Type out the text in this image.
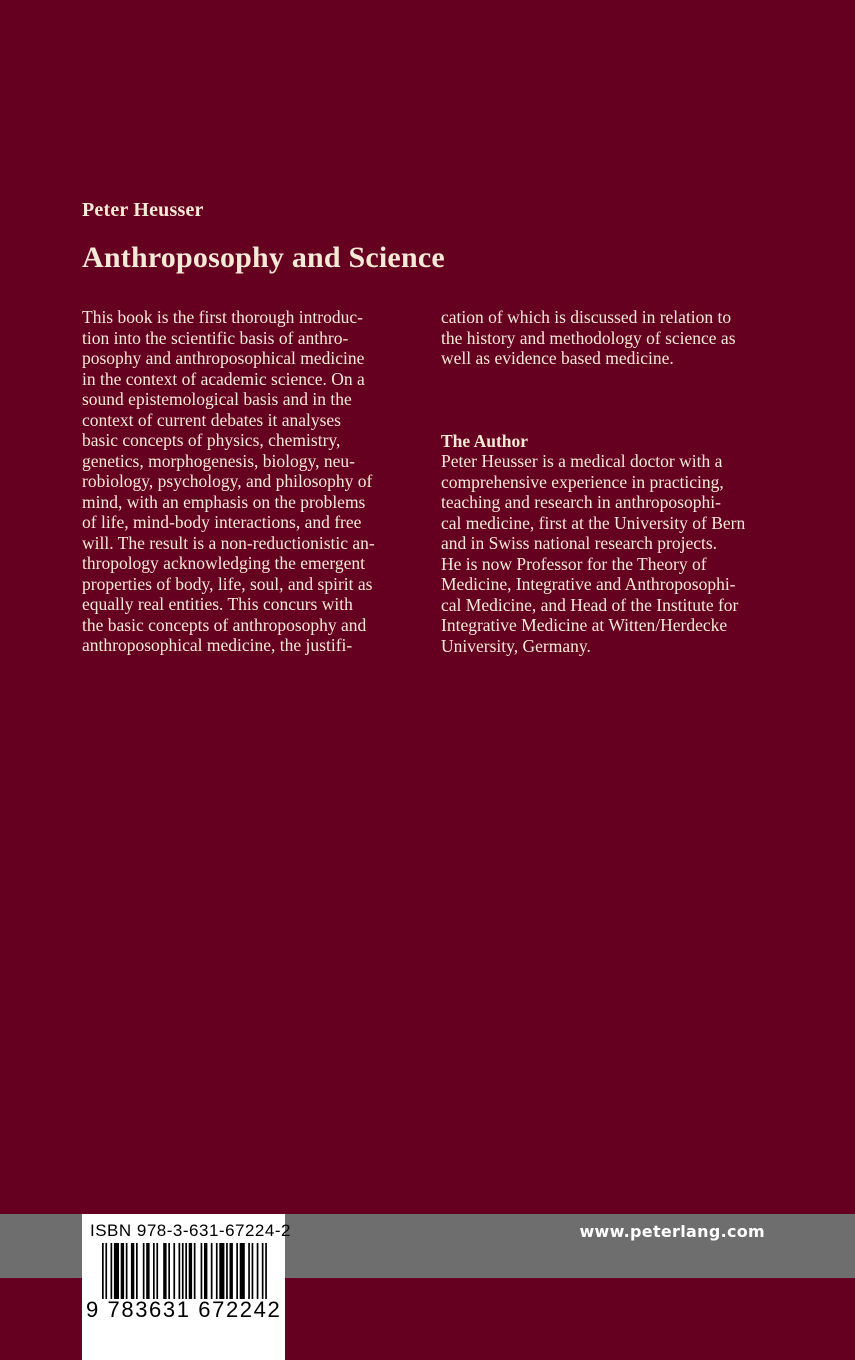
Peter Heusser
Anthroposophy and Science
This book is the first thorough introduc-
tion into the scientific basis of anthro-
posophy and anthroposophical medicine
in the context of academic science. On a
sound epistemological basis and in the
context of current debates it analyses
basic concepts of physics, chemistry,
genetics, morphogenesis, biology, neu-
robiology, psychology, and philosophy of
mind, with an emphasis on the problems
of life, mind-body interactions, and free
will. The result is a non-reductionistic an-
thropology acknowledging the emergent
properties of body, life, soul, and spirit as
equally real entities. This concurs with
the basic concepts of anthroposophy and
anthroposophical medicine, the justifi-
cation of which is discussed in relation to
the history and methodology of science as
well as evidence based medicine.
The Author
Peter Heusser is a medical doctor with a
comprehensive experience in practicing,
teaching and research in anthroposophi-
cal medicine, first at the University of Bern
and in Swiss national research projects.
He is now Professor for the Theory of
Medicine, Integrative and Anthroposophi-
cal Medicine, and Head of the Institute for
Integrative Medicine at Witten/Herdecke
University, Germany.
www.peterlang.com
ISBN 978-3-631-67224-2
9 783631 672242
